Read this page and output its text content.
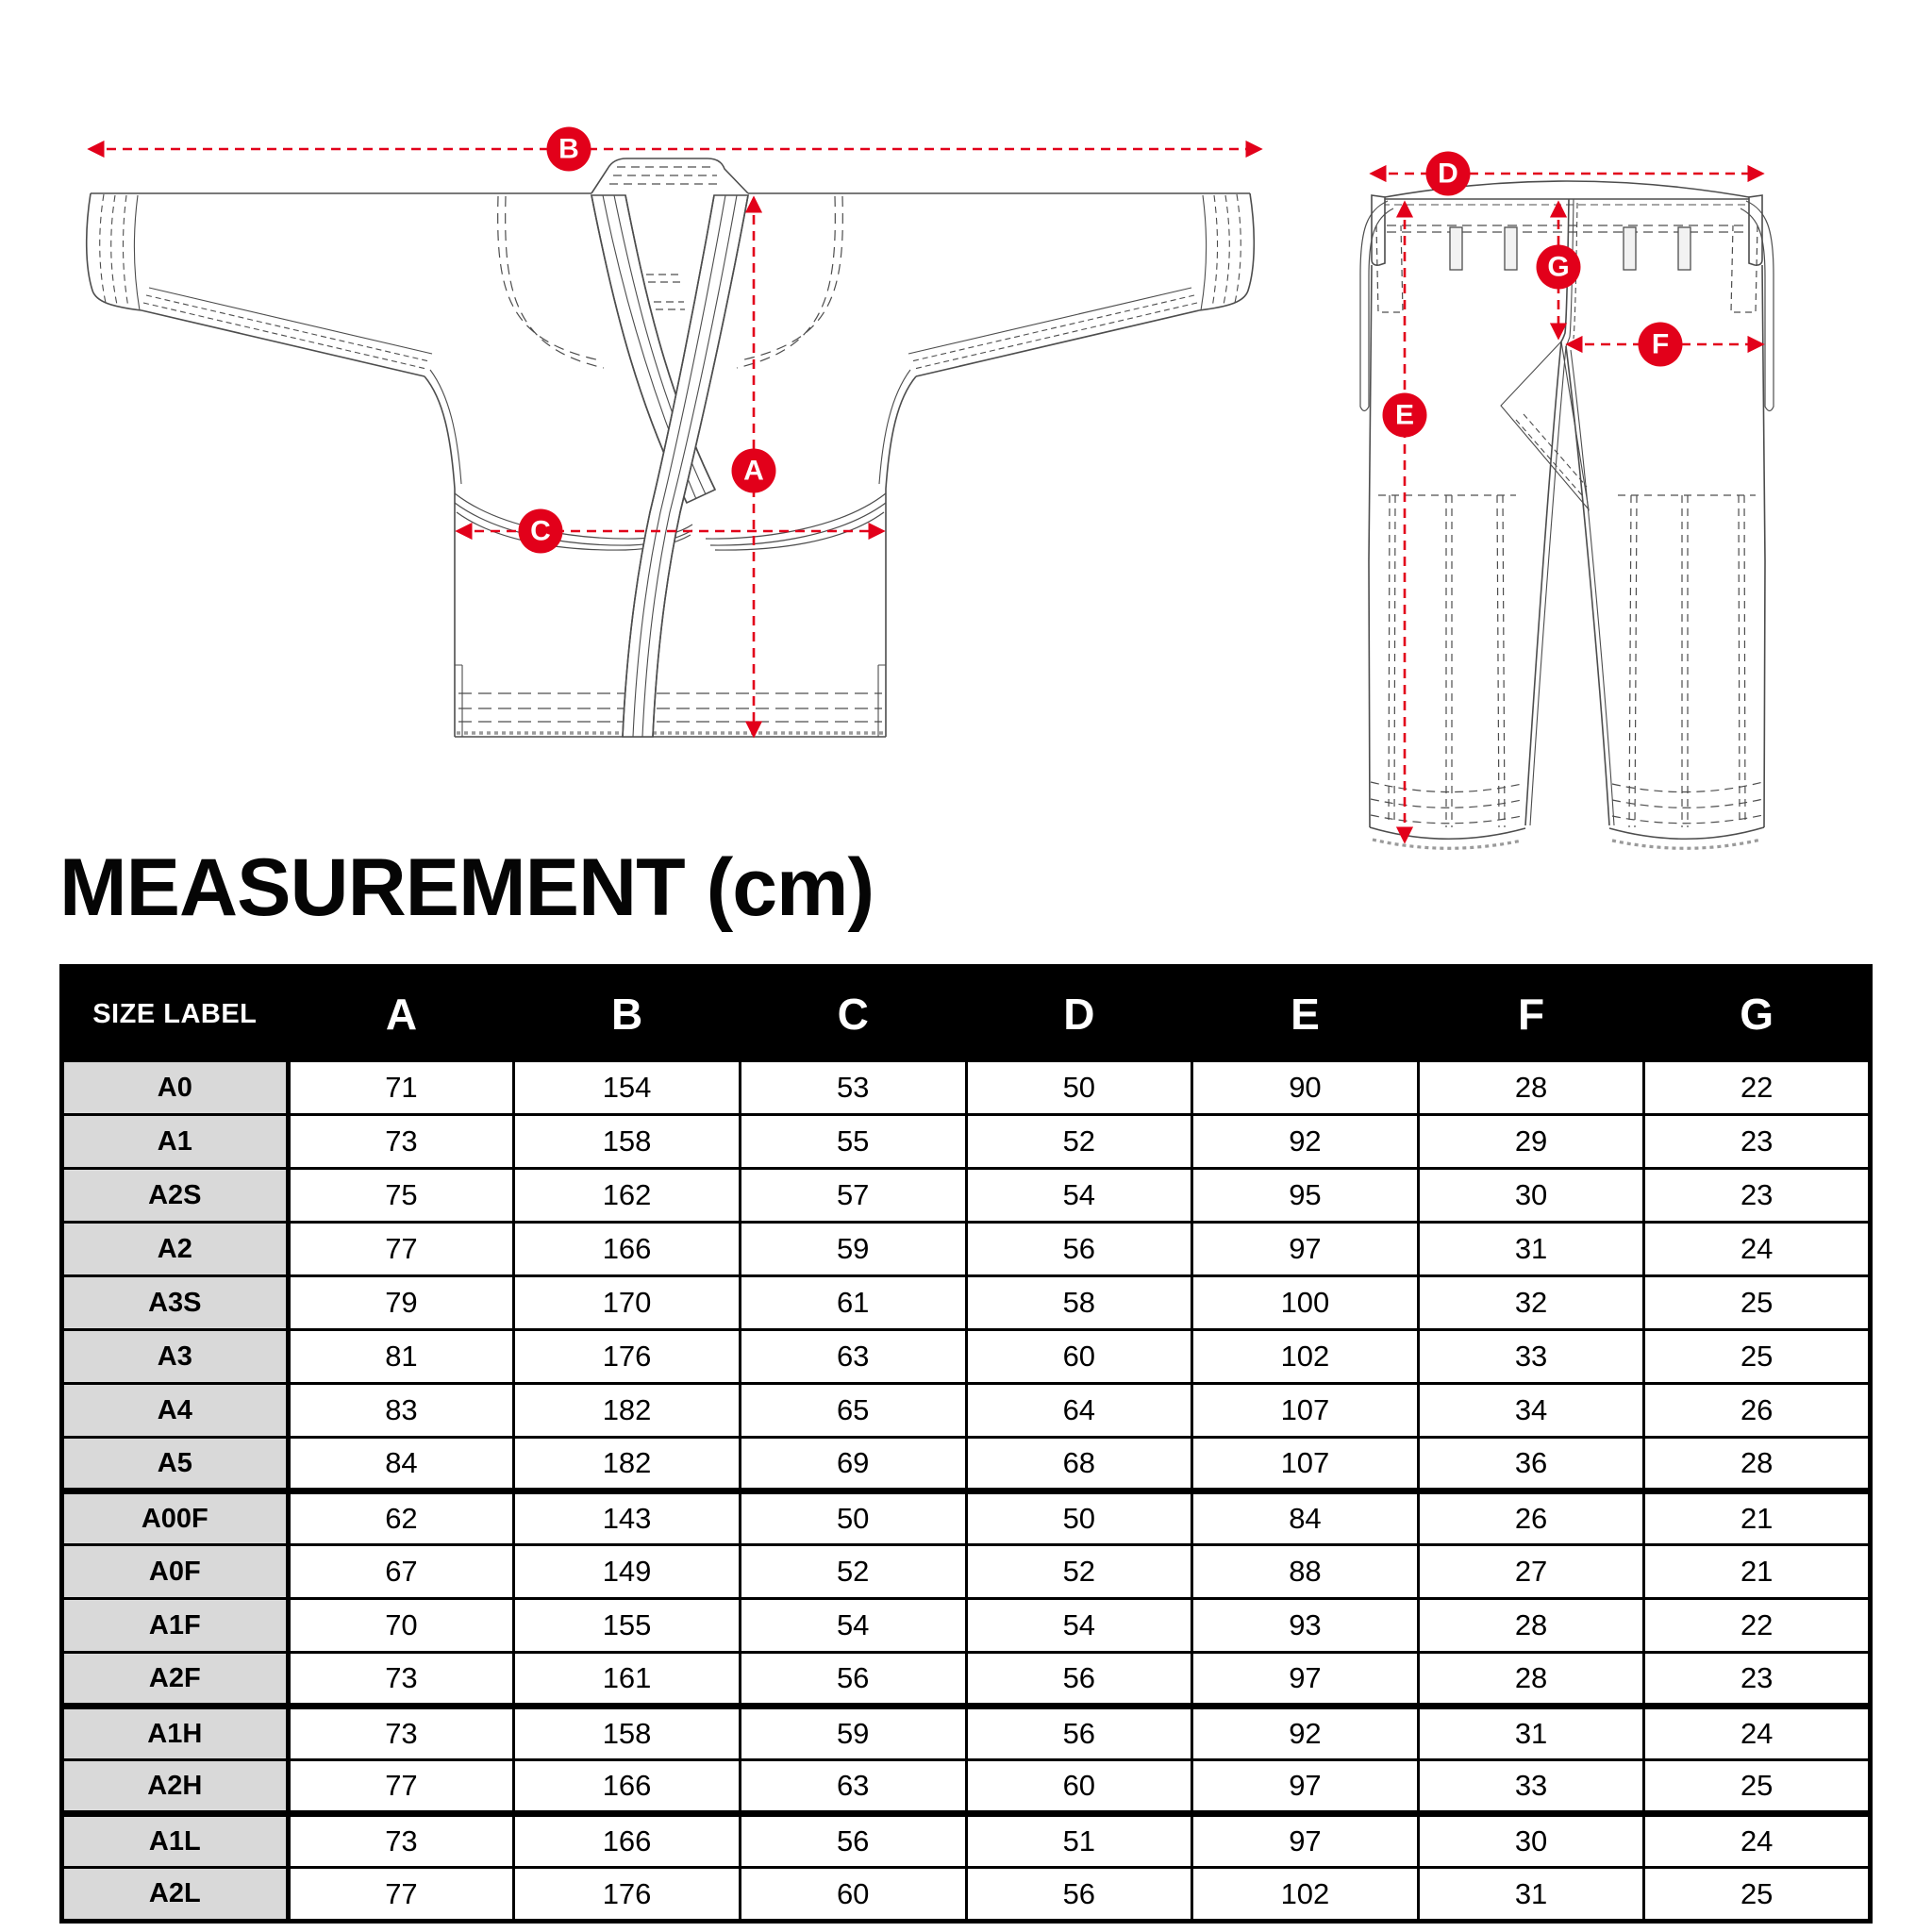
B
A
C
D
G
F
E
MEASUREMENT (cm)
SIZE LABEL	A	B	C	D	E	F	G
A0	71	154	53	50	90	28	22
A1	73	158	55	52	92	29	23
A2S	75	162	57	54	95	30	23
A2	77	166	59	56	97	31	24
A3S	79	170	61	58	100	32	25
A3	81	176	63	60	102	33	25
A4	83	182	65	64	107	34	26
A5	84	182	69	68	107	36	28
A00F	62	143	50	50	84	26	21
A0F	67	149	52	52	88	27	21
A1F	70	155	54	54	93	28	22
A2F	73	161	56	56	97	28	23
A1H	73	158	59	56	92	31	24
A2H	77	166	63	60	97	33	25
A1L	73	166	56	51	97	30	24
A2L	77	176	60	56	102	31	25
